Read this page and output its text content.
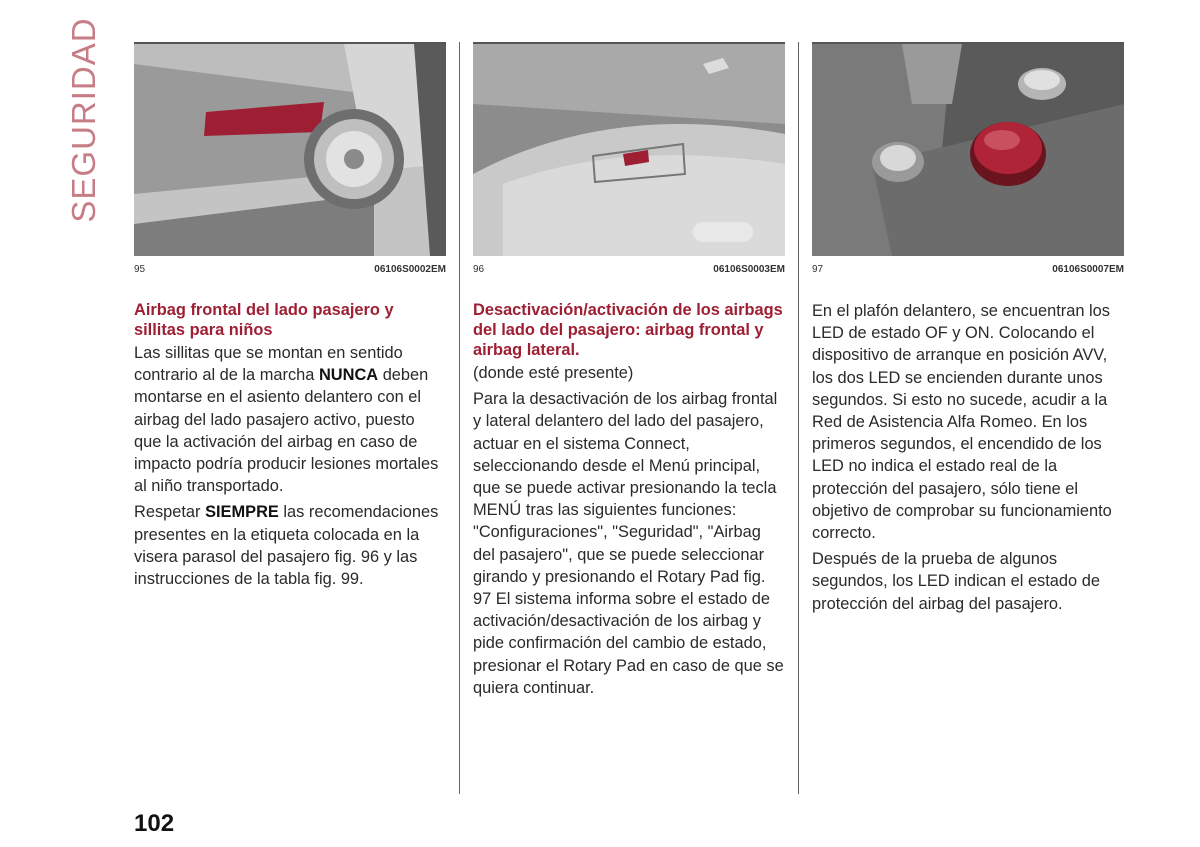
SEGURIDAD
95	06106S0002EM
Airbag frontal del lado pasajero y sillitas para niños

Las sillitas que se montan en sentido contrario al de la marcha NUNCA deben montarse en el asiento delantero con el airbag del lado pasajero activo, puesto que la activación del airbag en caso de impacto podría producir lesiones mortales al niño transportado.

Respetar SIEMPRE las recomendaciones presentes en la etiqueta colocada en la visera parasol del pasajero fig. 96 y las instrucciones de la tabla fig. 99.

96	06106S0003EM
Desactivación/activación de los airbags del lado del pasajero: airbag frontal y airbag lateral.

(donde esté presente)

Para la desactivación de los airbag frontal y lateral delantero del lado del pasajero, actuar en el sistema Connect, seleccionando desde el Menú principal, que se puede activar presionando la tecla MENÚ tras las siguientes funciones: "Configuraciones", "Seguridad", "Airbag del pasajero", que se puede seleccionar girando y presionando el Rotary Pad fig. 97 El sistema informa sobre el estado de activación/desactivación de los airbag y pide confirmación del cambio de estado, presionar el Rotary Pad en caso de que se quiera continuar.

97	06106S0007EM

En el plafón delantero, se encuentran los LED de estado OF y ON. Colocando el dispositivo de arranque en posición AVV, los dos LED se encienden durante unos segundos. Si esto no sucede, acudir a la Red de Asistencia Alfa Romeo. En los primeros segundos, el encendido de los LED no indica el estado real de la protección del pasajero, sólo tiene el objetivo de comprobar su funcionamiento correcto.

Después de la prueba de algunos segundos, los LED indican el estado de protección del airbag del pasajero.

102
